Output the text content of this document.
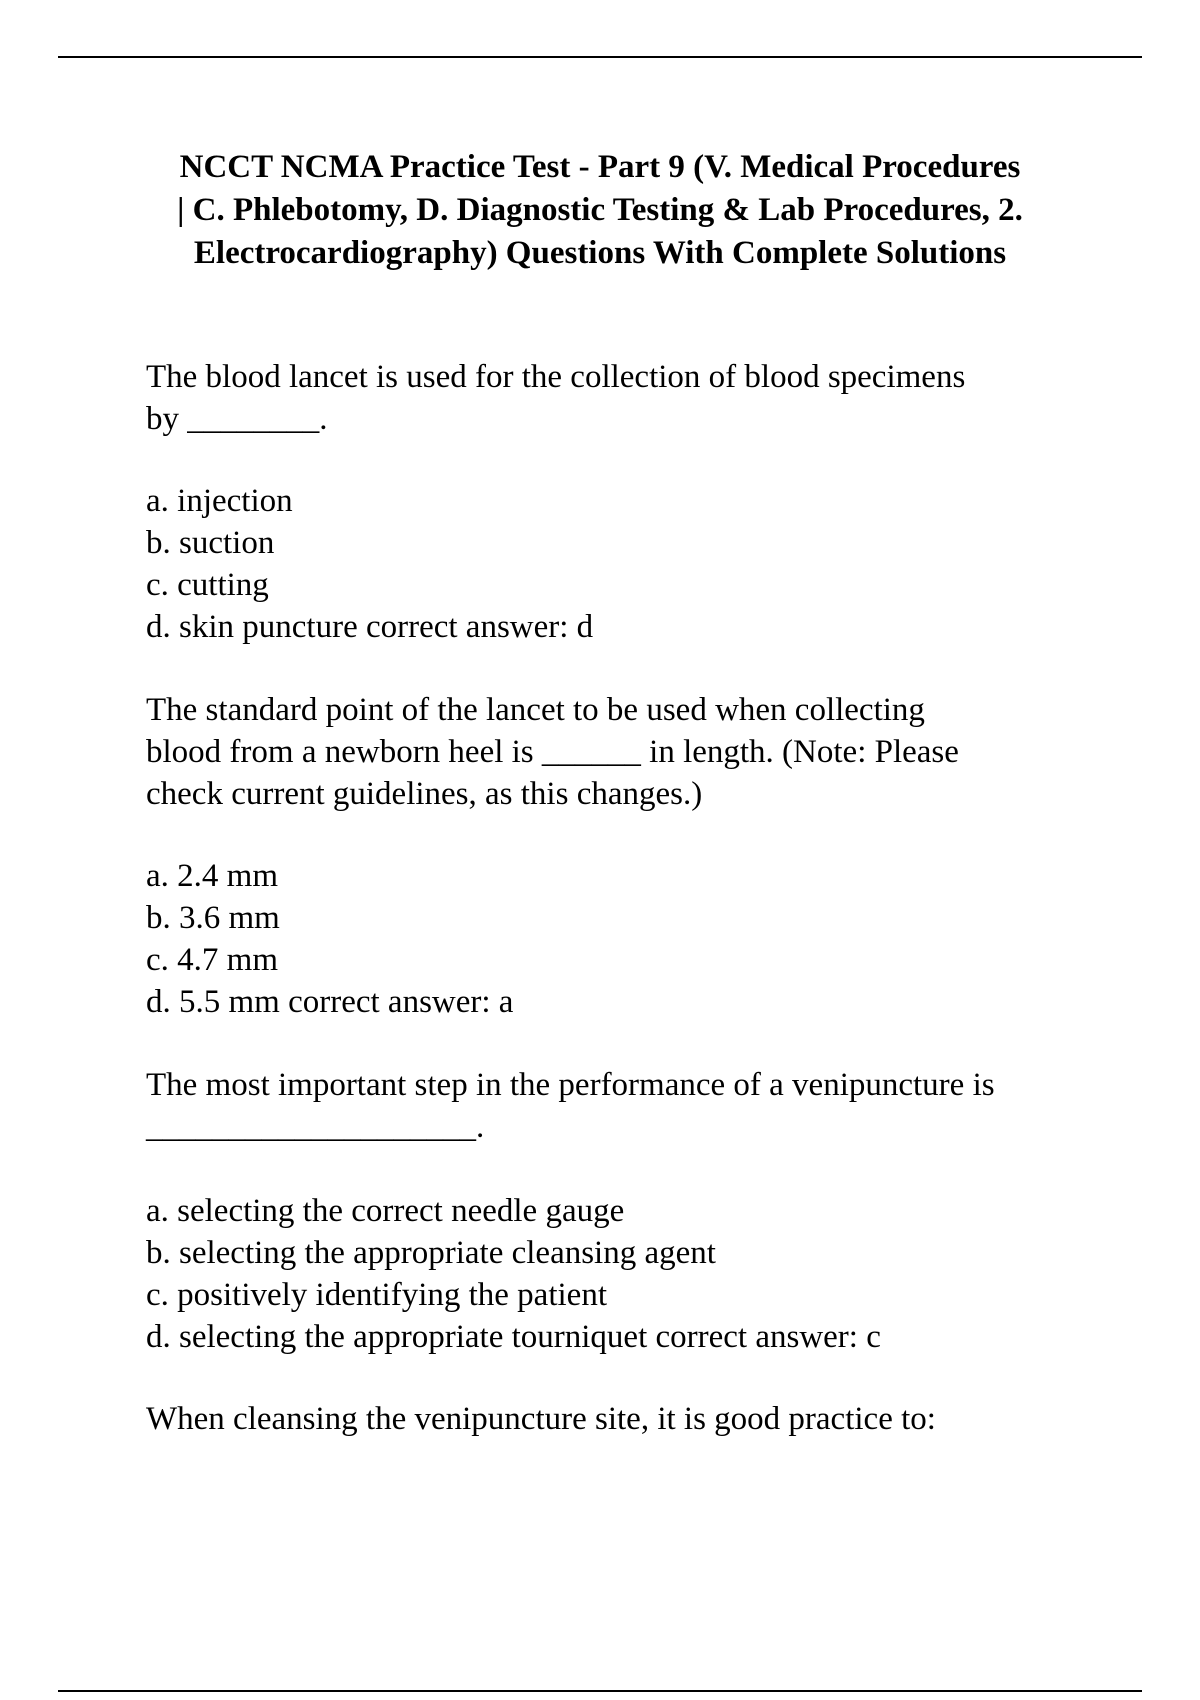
NCCT NCMA Practice Test - Part 9 (V. Medical Procedures
| C. Phlebotomy, D. Diagnostic Testing & Lab Procedures, 2.
Electrocardiography) Questions With Complete Solutions
The blood lancet is used for the collection of blood specimens
by ________.
a. injection
b. suction
c. cutting
d. skin puncture correct answer: d
The standard point of the lancet to be used when collecting
blood from a newborn heel is ______ in length. (Note: Please
check current guidelines, as this changes.)
a. 2.4 mm
b. 3.6 mm
c. 4.7 mm
d. 5.5 mm correct answer: a
The most important step in the performance of a venipuncture is
____________________.
a. selecting the correct needle gauge
b. selecting the appropriate cleansing agent
c. positively identifying the patient
d. selecting the appropriate tourniquet correct answer: c
When cleansing the venipuncture site, it is good practice to:
